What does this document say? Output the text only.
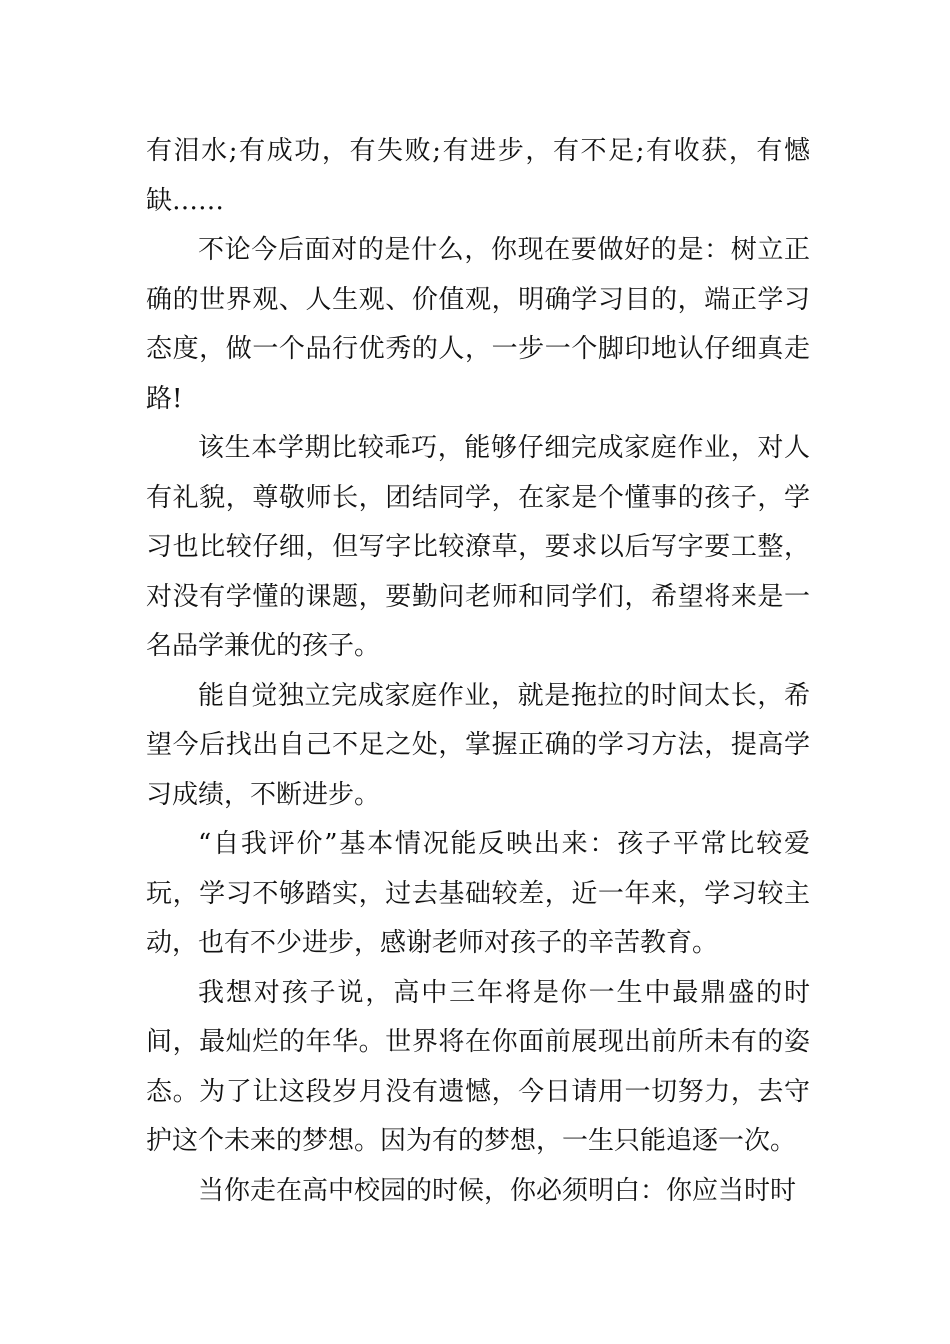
有泪水;有成功，有失败;有进步，有不足;有收获，有憾缺……

不论今后面对的是什么，你现在要做好的是：树立正确的世界观、人生观、价值观，明确学习目的，端正学习态度，做一个品行优秀的人，一步一个脚印地认仔细真走路!

该生本学期比较乖巧，能够仔细完成家庭作业，对人有礼貌，尊敬师长，团结同学，在家是个懂事的孩子，学习也比较仔细，但写字比较潦草，要求以后写字要工整，对没有学懂的课题，要勤问老师和同学们，希望将来是一名品学兼优的孩子。

能自觉独立完成家庭作业，就是拖拉的时间太长，希望今后找出自己不足之处，掌握正确的学习方法，提高学习成绩，不断进步。

“自我评价”基本情况能反映出来：孩子平常比较爱玩，学习不够踏实，过去基础较差，近一年来，学习较主动，也有不少进步，感谢老师对孩子的辛苦教育。

我想对孩子说，高中三年将是你一生中最鼎盛的时间，最灿烂的年华。世界将在你面前展现出前所未有的姿态。为了让这段岁月没有遗憾，今日请用一切努力，去守护这个未来的梦想。因为有的梦想，一生只能追逐一次。

当你走在高中校园的时候，你必须明白：你应当时时
